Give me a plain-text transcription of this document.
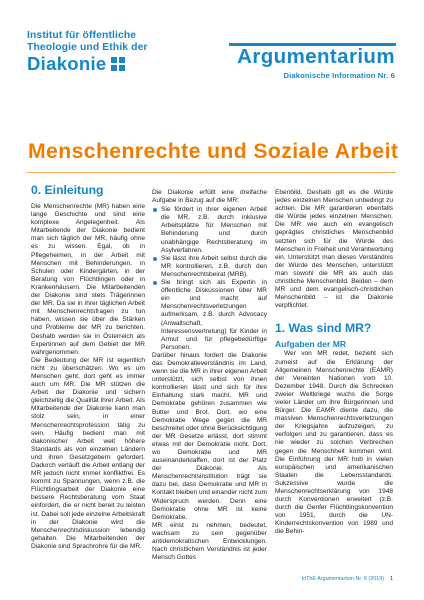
Institut für öffentliche
Theologie und Ethik der
Diakonie	Argumentarium
Diakonische Information Nr. 6
Menschenrechte und Soziale Arbeit
0. Einleitung

Die Menschenrechte (MR) haben eine lange Geschichte und sind eine komplexe Angelegenheit. Als Mitarbeitende der Diakonie bedient man sich täglich der MR, häufig ohne es zu wissen. Egal, ob in Pflegeheimen, in der Arbeit mit Menschen mit Behinderungen, in Schulen oder Kindergärten, in der Beratung von Flüchtlingen oder in Krankenhäusern. Die Mitarbeitenden der Diakonie sind stets Trägerinnen der MR. Da sie in ihrer täglichen Arbeit mit Menschenrechtsfragen zu tun haben, wissen sie über die Stärken und Probleme der MR zu berichten. Deshalb werden sie in Österreich als Expertinnen auf dem Gebiet der MR wahrgenommen.

Die Bedeutung der MR ist eigentlich nicht zu überschätzen. Wo es um Menschen geht, dort geht es immer auch um MR. Die MR stützen die Arbeit der Diakonie und sichern gleichzeitig die Qualität ihrer Arbeit. Als Mitarbeitende der Diakonie kann man stolz sein, in einer Menschenrechtsprofession tätig zu sein. Häufig bedient man mit diakonischer Arbeit weit höhere Standards als von einzelnen Ländern und ihren Gesetzgebern gefordert. Dadurch verläuft die Arbeit entlang der MR jedoch nicht immer konfliktfrei. Es kommt zu Spannungen, wenn z.B. die Flüchtlingsarbeit der Diakonie eine bessere Rechtsberatung vom Staat einfordert, die er nicht bereit zu leisten ist. Dabei soll jede einzelne Arbeitskraft in der Diakonie wird die Menschenrechtsdiskussion lebendig gehalten. Die Mitarbeitenden der Diakonie sind Sprachrohre für die MR.

Die Diakonie erfüllt eine dreifache Aufgabe in Bezug auf die MR:

Sie fördert in ihrer eigenen Arbeit die MR, z.B. durch inklusive Arbeitsplätze für Menschen mit Behinderung und durch unabhängige Rechtsberatung im Asylverfahren.
Sie lässt ihre Arbeit selbst durch die MR kontrollieren, z.B. durch den Menschenrechtsbeirat (MRB).
Sie bringt sich als Expertin in öffentliche Diskussionen über MR ein und macht auf Menschenrechtsverletzungen aufmerksam, z.B. durch Advocacy (Anwaltschaft, Interessensvertretung) für Kinder in Armut und für pflegebedürftige Personen.

Darüber hinaus fordert die Diakonie das Demokratieverständnis im Land, wenn sie die MR in ihrer eigenen Arbeit unterstützt, sich selbst von ihnen kontrollieren lässt und sich für ihre Einhaltung stark macht. MR und Demokratie gehören zusammen wie Butter und Brot. Dort, wo eine Demokratie Wege gegen die MR beschreitet oder ohne Berücksichtigung der MR Gesetze erlässt, dort stimmt etwas mit der Demokratie nicht. Dort, wo Demokratie und MR auseinanderklaffen, dort ist der Platz der Diakonie. Als Menschenrechtsinstitution trägt sie dazu bei, dass Demokratie und MR in Kontakt bleiben und einander nicht zum Widerspruch werden. Denn eine Demokratie ohne MR ist keine Demokratie.

MR einst zu nehmen, bedeutet, wachsam zu sein gegenüber antidemokratischen Entwicklungen. Nach christlichem Verständnis ist jeder Mensch Gottes

Ebenbild. Deshalb gilt es die Würde jedes einzelnen Menschen unbedingt zu achten. Die MR garantieren ebenfalls die Würde jedes einzelnen Menschen. Die MR wie auch ein evangelisch geprägtes christliches Menschenbild setzten sich für die Würde des Menschen in Freiheit und Verantwortung ein. Unterstützt man dieses Verständnis der Würde des Menschen, unterstützt man sowohl die MR als auch das christliche Menschenbild. Beiden – dem MR und dem evangelisch-christlichen Menschenbild – ist die Diakonie verpflichtet.

1. Was sind MR?
Aufgaben der MR

Wer von MR redet, bezieht sich zumeist auf die Erklärung der Allgemeinen Menschenrechte (EAMR) der Vereinten Nationen vom 10. Dezember 1948. Durch die Schrecken zweier Weltkriege wuchs die Sorge vieler Länder um ihre Bürgerinnen und Bürger. Die EAMR diente dazu, die massiven Menschenrechtsverletzungen der Kriegsjahre aufzuzeigen, zu verfolgen und zu garantieren, dass es nie wieder zu solchen Verbrechen gegen die Menschheit kommen wird. Die Einführung der MR hob in vielen europäischen und amerikanischen Staaten die Lebensstandards. Sukzessive wurde die Menschenrechtserklärung von 1948 durch Konventionen erweitert (z.B. durch die Genfer Flüchtlingskonvention von 1951, durch die UN-Kinderrechtskonvention von 1989 und die Behin-

IöThE Argumentarium Nr. 6 (2019) 1
